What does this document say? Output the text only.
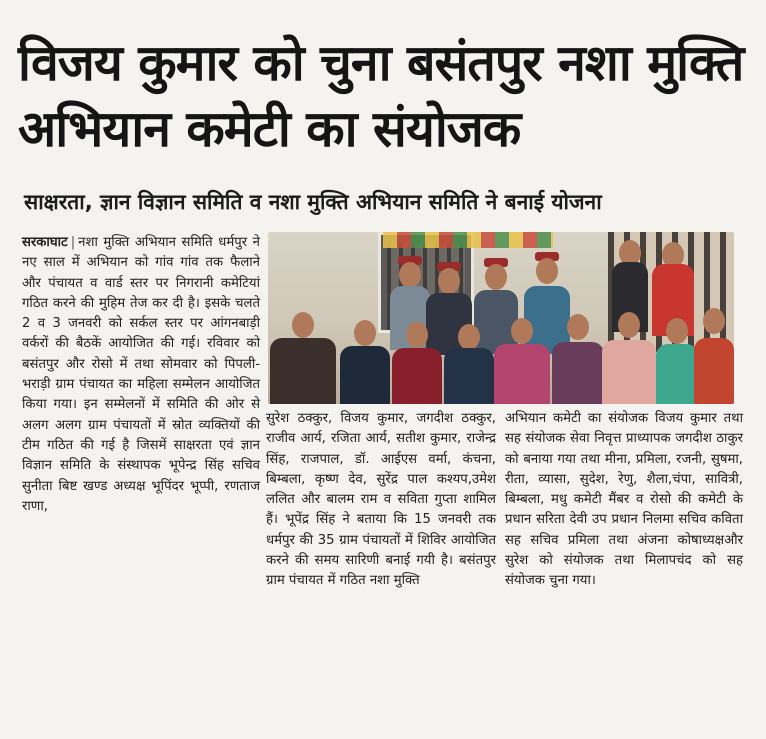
विजय कुमार को चुना बसंतपुर नशा मुक्ति अभियान कमेटी का संयोजक
साक्षरता, ज्ञान विज्ञान समिति व नशा मुक्ति अभियान समिति ने बनाई योजना
सरकाघाट | नशा मुक्ति अभियान समिति धर्मपुर ने नए साल में अभियान को गांव गांव तक फैलाने और पंचायत व वार्ड स्तर पर निगरानी कमेटियां गठित करने की मुहिम तेज कर दी है। इसके चलते 2 व 3 जनवरी को सर्कल स्तर पर आंगनबाड़ी वर्करों की बैठकें आयोजित की गई। रविवार को बसंतपुर और रोसो में तथा सोमवार को पिपली-भराड़ी ग्राम पंचायत का महिला सम्मेलन आयोजित किया गया। इन सम्मेलनों में समिति की ओर से अलग अलग ग्राम पंचायतों में स्रोत व्यक्तियों की टीम गठित की गई है जिसमें साक्षरता एवं ज्ञान विज्ञान समिति के संस्थापक भूपेन्द्र सिंह सचिव सुनीता बिष्ट खण्ड अध्यक्ष भूपिंदर भूप्पी, रणताज राणा,
सुरेश ठक्कुर, विजय कुमार, जगदीश ठक्कुर, राजीव आर्य, रजिता आर्य, सतीश कुमार, राजेन्द्र सिंह, राजपाल, डॉ. आईएस वर्मा, कंचना, बिम्बला, कृष्ण देव, सुरेंद्र पाल कश्यप,उमेश ललित और बालम राम व सविता गुप्ता शामिल हैं। भूपेंद्र सिंह ने बताया कि 15 जनवरी तक धर्मपुर की 35 ग्राम पंचायतों में शिविर आयोजित करने की समय सारिणी बनाई गयी है। बसंतपुर ग्राम पंचायत में गठित नशा मुक्ति
अभियान कमेटी का संयोजक विजय कुमार तथा सह संयोजक सेवा निवृत्त प्राध्यापक जगदीश ठाकुर को बनाया गया तथा मीना, प्रमिला, रजनी, सुषमा, रीता, व्यासा, सुदेश, रेणु, शैला,चंपा, सावित्री, बिम्बला, मधु कमेटी मैंबर व रोसो की कमेटी के प्रधान सरिता देवी उप प्रधान निलमा सचिव कविता सह सचिव प्रमिला तथा अंजना कोषाध्यक्षऔर सुरेश को संयोजक तथा मिलापचंद को सह संयोजक चुना गया।
